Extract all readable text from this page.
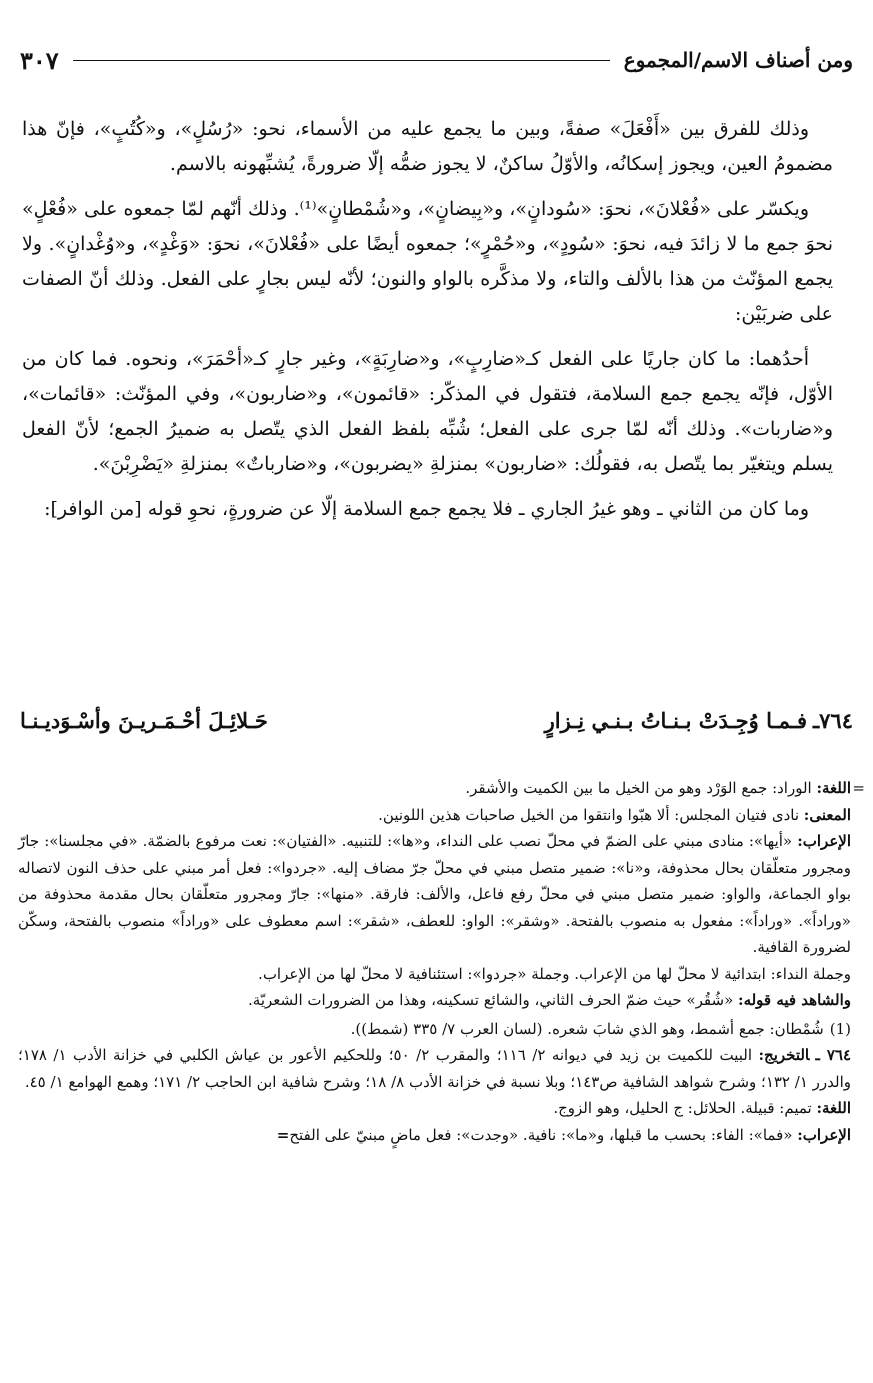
ومن أصناف الاسم/المجموع
٣٠٧

وذلك للفرق بين «أَفْعَلَ» صفةً، وبين ما يجمع عليه من الأسماء، نحو: «رُسُلٍ»، و«كُتُبٍ»، فإنّ هذا مضمومُ العين، ويجوز إسكانُه، والأوّلُ ساكنٌ، لا يجوز ضمُّه إلّا ضرورةً، يُشبِّهونه بالاسم.

ويكسّر على «فُعْلانَ»، نحوَ: «سُودانٍ»، و«بِيضانٍ»، و«شُمْطانٍ»⁽¹⁾. وذلك أنّهم لمّا جمعوه على «فُعْلٍ» نحوَ جمع ما لا زائدَ فيه، نحوَ: «سُودٍ»، و«حُمْرٍ»؛ جمعوه أيضًا على «فُعْلانَ»، نحوَ: «وَغْدٍ»، و«وُغْدانٍ». ولا يجمع المؤنّث من هذا بالألف والتاء، ولا مذكَّره بالواو والنون؛ لأنّه ليس بجارٍ على الفعل. وذلك أنّ الصفات على ضربَيْن:

أحدُهما: ما كان جاريًا على الفعل كـ«ضارِبٍ»، و«ضارِبَةٍ»، وغير جارٍ كـ«أحْمَرَ»، ونحوه. فما كان من الأوّل، فإنّه يجمع جمع السلامة، فتقول في المذكّر: «قائمون»، و«ضاربون»، وفي المؤنّث: «قائمات»، و«ضاربات». وذلك أنّه لمّا جرى على الفعل؛ شُبِّه بلفظ الفعل الذي يتّصل به ضميرُ الجمع؛ لأنّ الفعل يسلم ويتغيّر بما يتّصل به، فقولُك: «ضاربون» بمنزلةِ «يضربون»، و«ضارباتٌ» بمنزلةِ «يَضْرِبْنَ».

وما كان من الثاني ـ وهو غيرُ الجاري ـ فلا يجمع جمع السلامة إلّا عن ضرورةٍ، نحوِ قوله [من الوافر]:

٧٦٤ـ
فـمـا وُجِـدَتْ بـنـاتُ بـنـي نِـزارٍ
حَـلائِـلَ أحْـمَـريـنَ وأسْـوَديـنـا
=

اللغة: الوراد: جمع الوَرْد وهو من الخيل ما بين الكميت والأشقر.

المعنى: نادى فتيان المجلس: ألا هبّوا وانتقوا من الخيل صاحبات هذين اللونين.

الإعراب: «أيها»: منادى مبني على الضمّ في محلّ نصب على النداء، و«ها»: للتنبيه. «الفتيان»: نعت مرفوع بالضمّة. «في مجلسنا»: جارّ ومجرور متعلّقان بحال محذوفة، و«نا»: ضمير متصل مبني في محلّ جرّ مضاف إليه. «جردوا»: فعل أمر مبني على حذف النون لاتصاله بواو الجماعة، والواو: ضمير متصل مبني في محلّ رفع فاعل، والألف: فارقة. «منها»: جارّ ومجرور متعلّقان بحال مقدمة محذوفة من «وراداً». «وراداً»: مفعول به منصوب بالفتحة. «وشقر»: الواو: للعطف، «شقر»: اسم معطوف على «وراداً» منصوب بالفتحة، وسكّن لضرورة القافية.

وجملة النداء: ابتدائية لا محلّ لها من الإعراب. وجملة «جردوا»: استئنافية لا محلّ لها من الإعراب.

والشاهد فيه قوله: «شُقُر» حيث ضمّ الحرف الثاني، والشائع تسكينه، وهذا من الضرورات الشعريّة.

(1)شُمْطان: جمع أشمط، وهو الذي شابَ شعره. (لسان العرب ٧/ ٣٣٥ (شمط)).

٧٦٤ ـالتخريج: البيت للكميت بن زيد في ديوانه ٢/ ١١٦؛ والمقرب ٢/ ٥٠؛ وللحكيم الأعور بن عياش الكلبي في خزانة الأدب ١/ ١٧٨؛ والدرر ١/ ١٣٢؛ وشرح شواهد الشافية ص١٤٣؛ وبلا نسبة في خزانة الأدب ٨/ ١٨؛ وشرح شافية ابن الحاجب ٢/ ١٧١؛ وهمع الهوامع ١/ ٤٥.

اللغة: تميم: قبيلة. الحلائل: ج الحليل، وهو الزوج.

الإعراب: «فما»: الفاء: بحسب ما قبلها، و«ما»: نافية. «وجدت»: فعل ماضٍ مبنيّ على الفتح=
